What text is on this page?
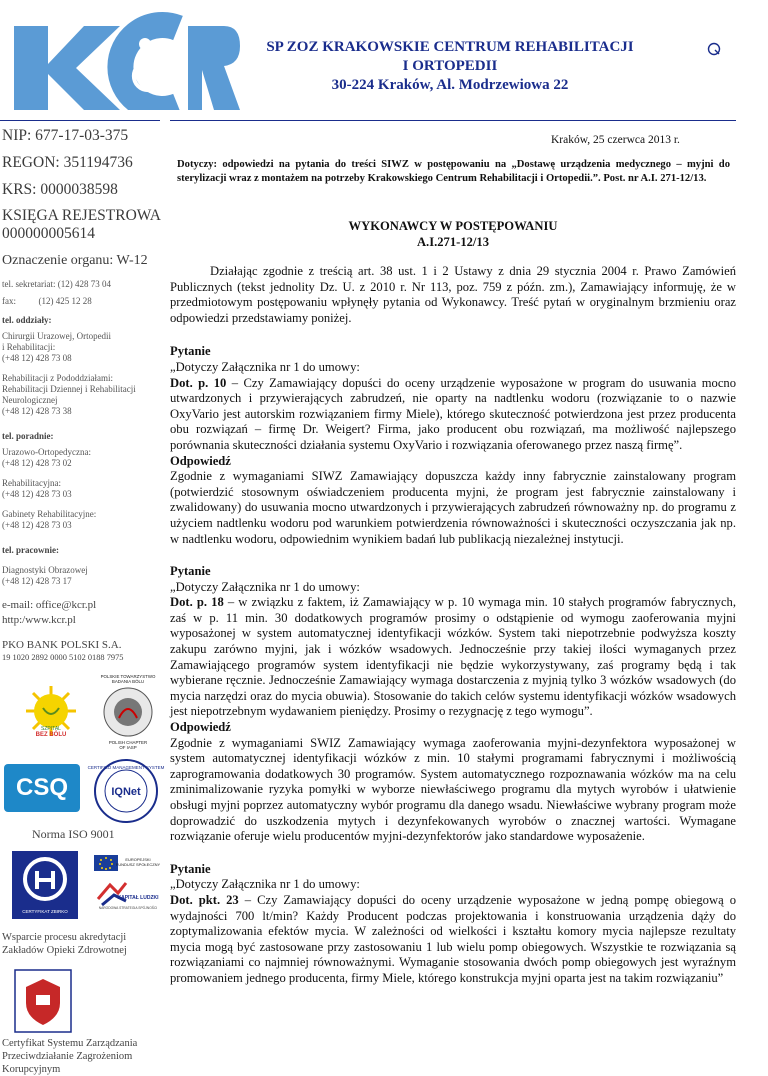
SP ZOZ KRAKOWSKIE CENTRUM REHABILITACJI
I ORTOPEDII
30-224 Kraków, Al. Modrzewiowa 22
NIP: 677-17-03-375
REGON: 351194736
KRS: 0000038598
KSIĘGA REJESTROWA
000000005614
Oznaczenie organu: W-12
tel. sekretariat: (12) 428 73 04
fax:          (12) 425 12 28
tel. oddziały:
Chirurgii Urazowej, Ortopedii
i Rehabilitacji:
(+48 12) 428 73 08
Rehabilitacji z Pododdziałami:
Rehabilitacji Dziennej i Rehabilitacji
Neurologicznej
(+48 12) 428 73 38
tel. poradnie:
Urazowo-Ortopedyczna:
(+48 12) 428 73 02
Rehabilitacyjna:
(+48 12) 428 73 03
Gabinety Rehabilitacyjne:
(+48 12) 428 73 03
tel. pracownie:
Diagnostyki Obrazowej
(+48 12) 428 73 17
e-mail: office@kcr.pl
http:/www.kcr.pl
PKO BANK POLSKI S.A.
19 1020 2892 0000 5102 0188 7975
SZPITAL
BEZ BÓLU
POLSKIE TOWARZYSTWO
BADANIA BÓLU
POLISH CHAPTER
OF IASP
CSQ	IQNet
CERTIFIED MANAGEMENT SYSTEM
Norma ISO 9001
CERTYFIKAT ZBIRKO
EUROPEJSKI
FUNDUSZ SPOŁECZNY
KAPITAŁ LUDZKI
NARODOWA STRATEGIA SPÓJNOŚCI
Wsparcie procesu akredytacji
Zakładów Opieki Zdrowotnej
Certyfikat Systemu Zarządzania
Przeciwdziałanie Zagrożeniom
Korupcyjnym
Kraków, 25 czerwca 2013 r.
Dotyczy: odpowiedzi na pytania do treści SIWZ w postępowaniu na „Dostawę urządzenia medycznego – myjni do sterylizacji wraz z montażem na potrzeby Krakowskiego Centrum Rehabilitacji i Ortopedii.”. Post. nr A.I. 271-12/13.
WYKONAWCY W POSTĘPOWANIU
A.I.271-12/13

Działając zgodnie z treścią art. 38 ust. 1 i 2 Ustawy z dnia 29 stycznia 2004 r. Prawo Zamówień Publicznych (tekst jednolity Dz. U. z 2010 r. Nr 113, poz. 759 z późn. zm.), Zamawiający informuję, że w przedmiotowym postępowaniu wpłynęły pytania od Wykonawcy. Treść pytań w oryginalnym brzmieniu oraz odpowiedzi przedstawiamy poniżej.

Pytanie

„Dotyczy Załącznika nr 1 do umowy:

Dot. p. 10 – Czy Zamawiający dopuści do oceny urządzenie wyposażone w program do usuwania mocno utwardzonych i przywierających zabrudzeń, nie oparty na nadtlenku wodoru (rozwiązanie to o nazwie OxyVario jest autorskim rozwiązaniem firmy Miele), którego skuteczność potwierdzona jest przez producenta obu rozwiązań – firmę Dr. Weigert? Firma, jako producent obu rozwiązań, ma możliwość najlepszego porównania skuteczności działania systemu OxyVario i rozwiązania oferowanego przez naszą firmę”.

Odpowiedź

Zgodnie z wymaganiami SIWZ Zamawiający dopuszcza każdy inny fabrycznie zainstalowany program (potwierdzić stosownym oświadczeniem producenta myjni, że program jest fabrycznie zainstalowany i zwalidowany) do usuwania mocno utwardzonych i przywierających zabrudzeń równoważny np. do programu z użyciem nadtlenku wodoru pod warunkiem potwierdzenia równoważności i skuteczności oczyszczania jak np. w nadtlenku wodoru, odpowiednim wynikiem badań lub publikacją niezależnej instytucji.

Pytanie

„Dotyczy Załącznika nr 1 do umowy:

Dot. p. 18 – w związku z faktem, iż Zamawiający w p. 10 wymaga min. 10 stałych programów fabrycznych, zaś w p. 11 min. 30 dodatkowych programów prosimy o odstąpienie od wymogu zaoferowania myjni wyposażonej w system automatycznej identyfikacji wózków. System taki niepotrzebnie podwyższa koszty zakupu zarówno myjni, jak i wózków wsadowych. Jednocześnie przy takiej ilości wymaganych przez Zamawiającego programów system identyfikacji nie będzie wykorzystywany, zaś programy będą i tak wybierane ręcznie. Jednocześnie Zamawiający wymaga dostarczenia z myjnią tylko 3 wózków wsadowych (do mycia narzędzi oraz do mycia obuwia). Stosowanie do takich celów systemu identyfikacji wózków wsadowych jest niepotrzebnym wydawaniem pieniędzy. Prosimy o rezygnację z tego wymogu”.

Odpowiedź

Zgodnie z wymaganiami SWIZ Zamawiający wymaga zaoferowania myjni-dezynfektora wyposażonej w system automatycznej identyfikacji wózków z min. 10 stałymi programami fabrycznymi i możliwością zaprogramowania dodatkowych 30 programów. System automatycznego rozpoznawania wózków ma na celu zminimalizowanie ryzyka pomyłki w wyborze niewłaściwego programu dla mytych wyrobów i ułatwienie obsługi myjni poprzez automatyczny wybór programu dla danego wsadu. Niewłaściwe wybrany program może doprowadzić do uszkodzenia mytych i dezynfekowanych wyrobów o znacznej wartości. Wymagane rozwiązanie oferuje wielu producentów myjni-dezynfektorów jako standardowe wyposażenie.

Pytanie

„Dotyczy Załącznika nr 1 do umowy:

Dot. pkt. 23 – Czy Zamawiający dopuści do oceny urządzenie wyposażone w jedną pompę obiegową o wydajności 700 lt/min? Każdy Producent podczas projektowania i konstruowania urządzenia dąży do zoptymalizowania efektów mycia. W zależności od wielkości i kształtu komory mycia najlepsze rezultaty mycia mogą być zastosowane przy zastosowaniu 1 lub wielu pomp obiegowych. Wszystkie te rozwiązania są rozwiązaniami co najmniej równoważnymi. Wymaganie stosowania dwóch pomp obiegowych jest wyraźnym promowaniem jednego producenta, firmy Miele, którego konstrukcja myjni oparta jest na takim rozwiązaniu”
